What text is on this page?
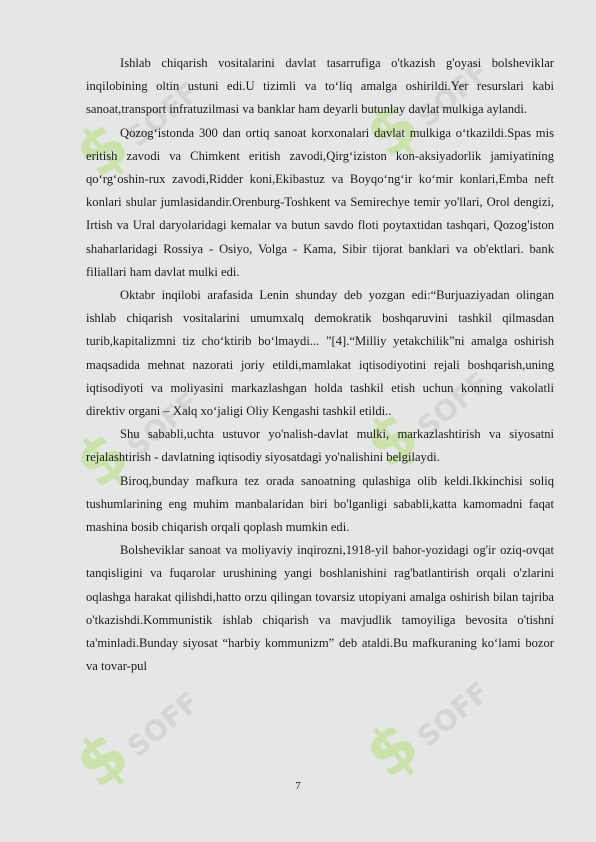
$SOFF $SOFF
$SOFF $SOFF
$SOFF $SOFF

Ishlab chiqarish vositalarini davlat tasarrufiga o'tkazish g'oyasi bolsheviklar inqilobining oltin ustuni edi.U tizimli va to‘liq amalga oshirildi.Yer resurslari kabi sanoat,transport infratuzilmasi va banklar ham deyarli butunlay davlat mulkiga aylandi.

Qozog‘istonda 300 dan ortiq sanoat korxonalari davlat mulkiga o‘tkazildi.Spas mis eritish zavodi va Chimkent eritish zavodi,Qirg‘iziston kon-aksiyadorlik jamiyatining qo‘rg‘oshin-rux zavodi,Ridder koni,Ekibastuz va Boyqo‘ng‘ir ko‘mir konlari,Emba neft konlari shular jumlasidandir.Orenburg-Toshkent va Semirechye temir yo'llari, Orol dengizi, Irtish va Ural daryolaridagi kemalar va butun savdo floti poytaxtidan tashqari, Qozog'iston shaharlaridagi Rossiya - Osiyo, Volga - Kama, Sibir tijorat banklari va ob'ektlari. bank filiallari ham davlat mulki edi.

Oktabr inqilobi arafasida Lenin shunday deb yozgan edi:“Burjuaziyadan olingan ishlab chiqarish vositalarini umumxalq demokratik boshqaruvini tashkil qilmasdan turib,kapitalizmni tiz cho‘ktirib bo‘lmaydi... ”[4].“Milliy yetakchilik”ni amalga oshirish maqsadida mehnat nazorati joriy etildi,mamlakat iqtisodiyotini rejali boshqarish,uning iqtisodiyoti va moliyasini markazlashgan holda tashkil etish uchun konning vakolatli direktiv organi – Xalq xo‘jaligi Oliy Kengashi tashkil etildi..

Shu sababli,uchta ustuvor yo'nalish-davlat mulki, markazlashtirish va siyosatni rejalashtirish - davlatning iqtisodiy siyosatdagi yo'nalishini belgilaydi.

Biroq,bunday mafkura tez orada sanoatning qulashiga olib keldi.Ikkinchisi soliq tushumlarining eng muhim manbalaridan biri bo'lganligi sababli,katta kamomadni faqat mashina bosib chiqarish orqali qoplash mumkin edi.

Bolsheviklar sanoat va moliyaviy inqirozni,1918-yil bahor-yozidagi og'ir oziq-ovqat tanqisligini va fuqarolar urushining yangi boshlanishini rag'batlantirish orqali o'zlarini oqlashga harakat qilishdi,hatto orzu qilingan tovarsiz utopiyani amalga oshirish bilan tajriba o'tkazishdi.Kommunistik ishlab chiqarish va mavjudlik tamoyiliga bevosita o'tishni ta'minladi.Bunday siyosat “harbiy kommunizm” deb ataldi.Bu mafkuraning ko‘lami bozor va tovar-pul

7
